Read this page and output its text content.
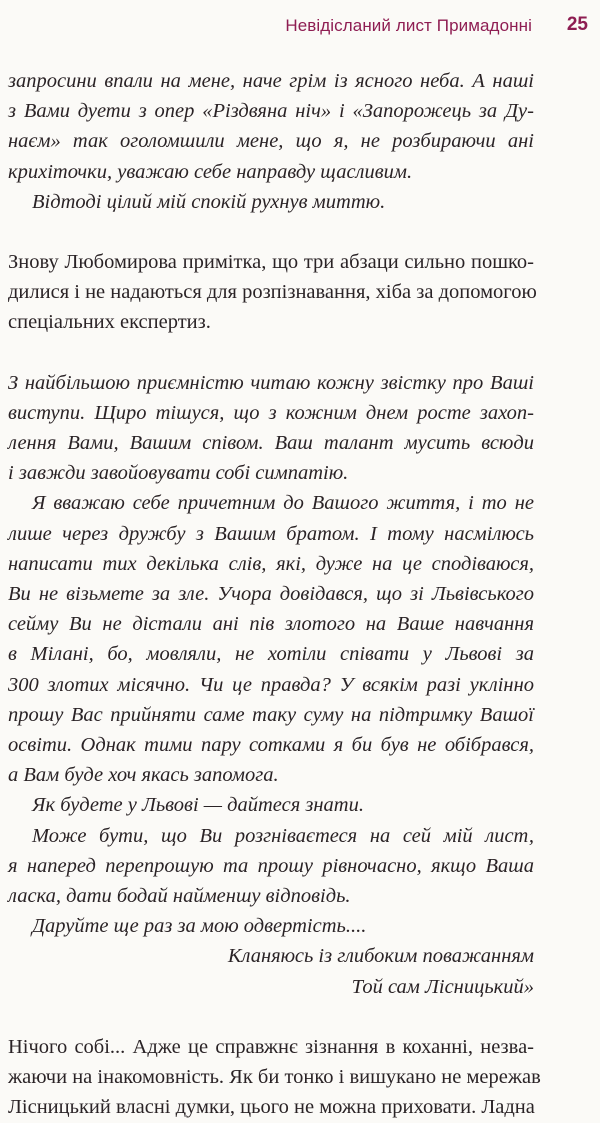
Невідісланий лист Примадонні 25
запросини впали на мене, наче грім із ясного неба. А наші
з Вами дуети з опер «Різдвяна ніч» і «Запорожець за Ду-
наєм» так оголомшили мене, що я, не розбираючи ані
крихіточки, уважаю себе направду щасливим.
Відтоді цілий мій спокій рухнув миттю.
Знову Любомирова примітка, що три абзаци сильно пошко-
дилися і не надаються для розпізнавання, хіба за допомогою
спеціальних експертиз.
З найбільшою приємністю читаю кожну звістку про Ваші
виступи. Щиро тішуся, що з кожним днем росте захоп-
лення Вами, Вашим співом. Ваш талант мусить всюди
і завжди завойовувати собі симпатію.
Я вважаю себе причетним до Вашого життя, і то не
лише через дружбу з Вашим братом. І тому насмілюсь
написати тих декілька слів, які, дуже на це сподіваюся,
Ви не візьмете за зле. Учора довідався, що зі Львівського
сейму Ви не дістали ані пів злотого на Ваше навчання
в Мілані, бо, мовляли, не хотіли співати у Львові за
300 злотих місячно. Чи це правда? У всякім разі уклінно
прошу Вас прийняти саме таку суму на підтримку Вашої
освіти. Однак тими пару сотками я би був не обібрався,
а Вам буде хоч якась запомога.
Як будете у Львові — дайтеся знати.
Може бути, що Ви розгніваєтеся на сей мій лист,
я наперед перепрошую та прошу рівночасно, якщо Ваша
ласка, дати бодай найменшу відповідь.
Даруйте ще раз за мою одвертість....
Кланяюсь із глибоким поважанням
Той сам Лісницький»
Нічого собі... Адже це справжнє зізнання в коханні, незва-
жаючи на інакомовність. Як би тонко і вишукано не мережав
Лісницький власні думки, цього не можна приховати. Ладна
